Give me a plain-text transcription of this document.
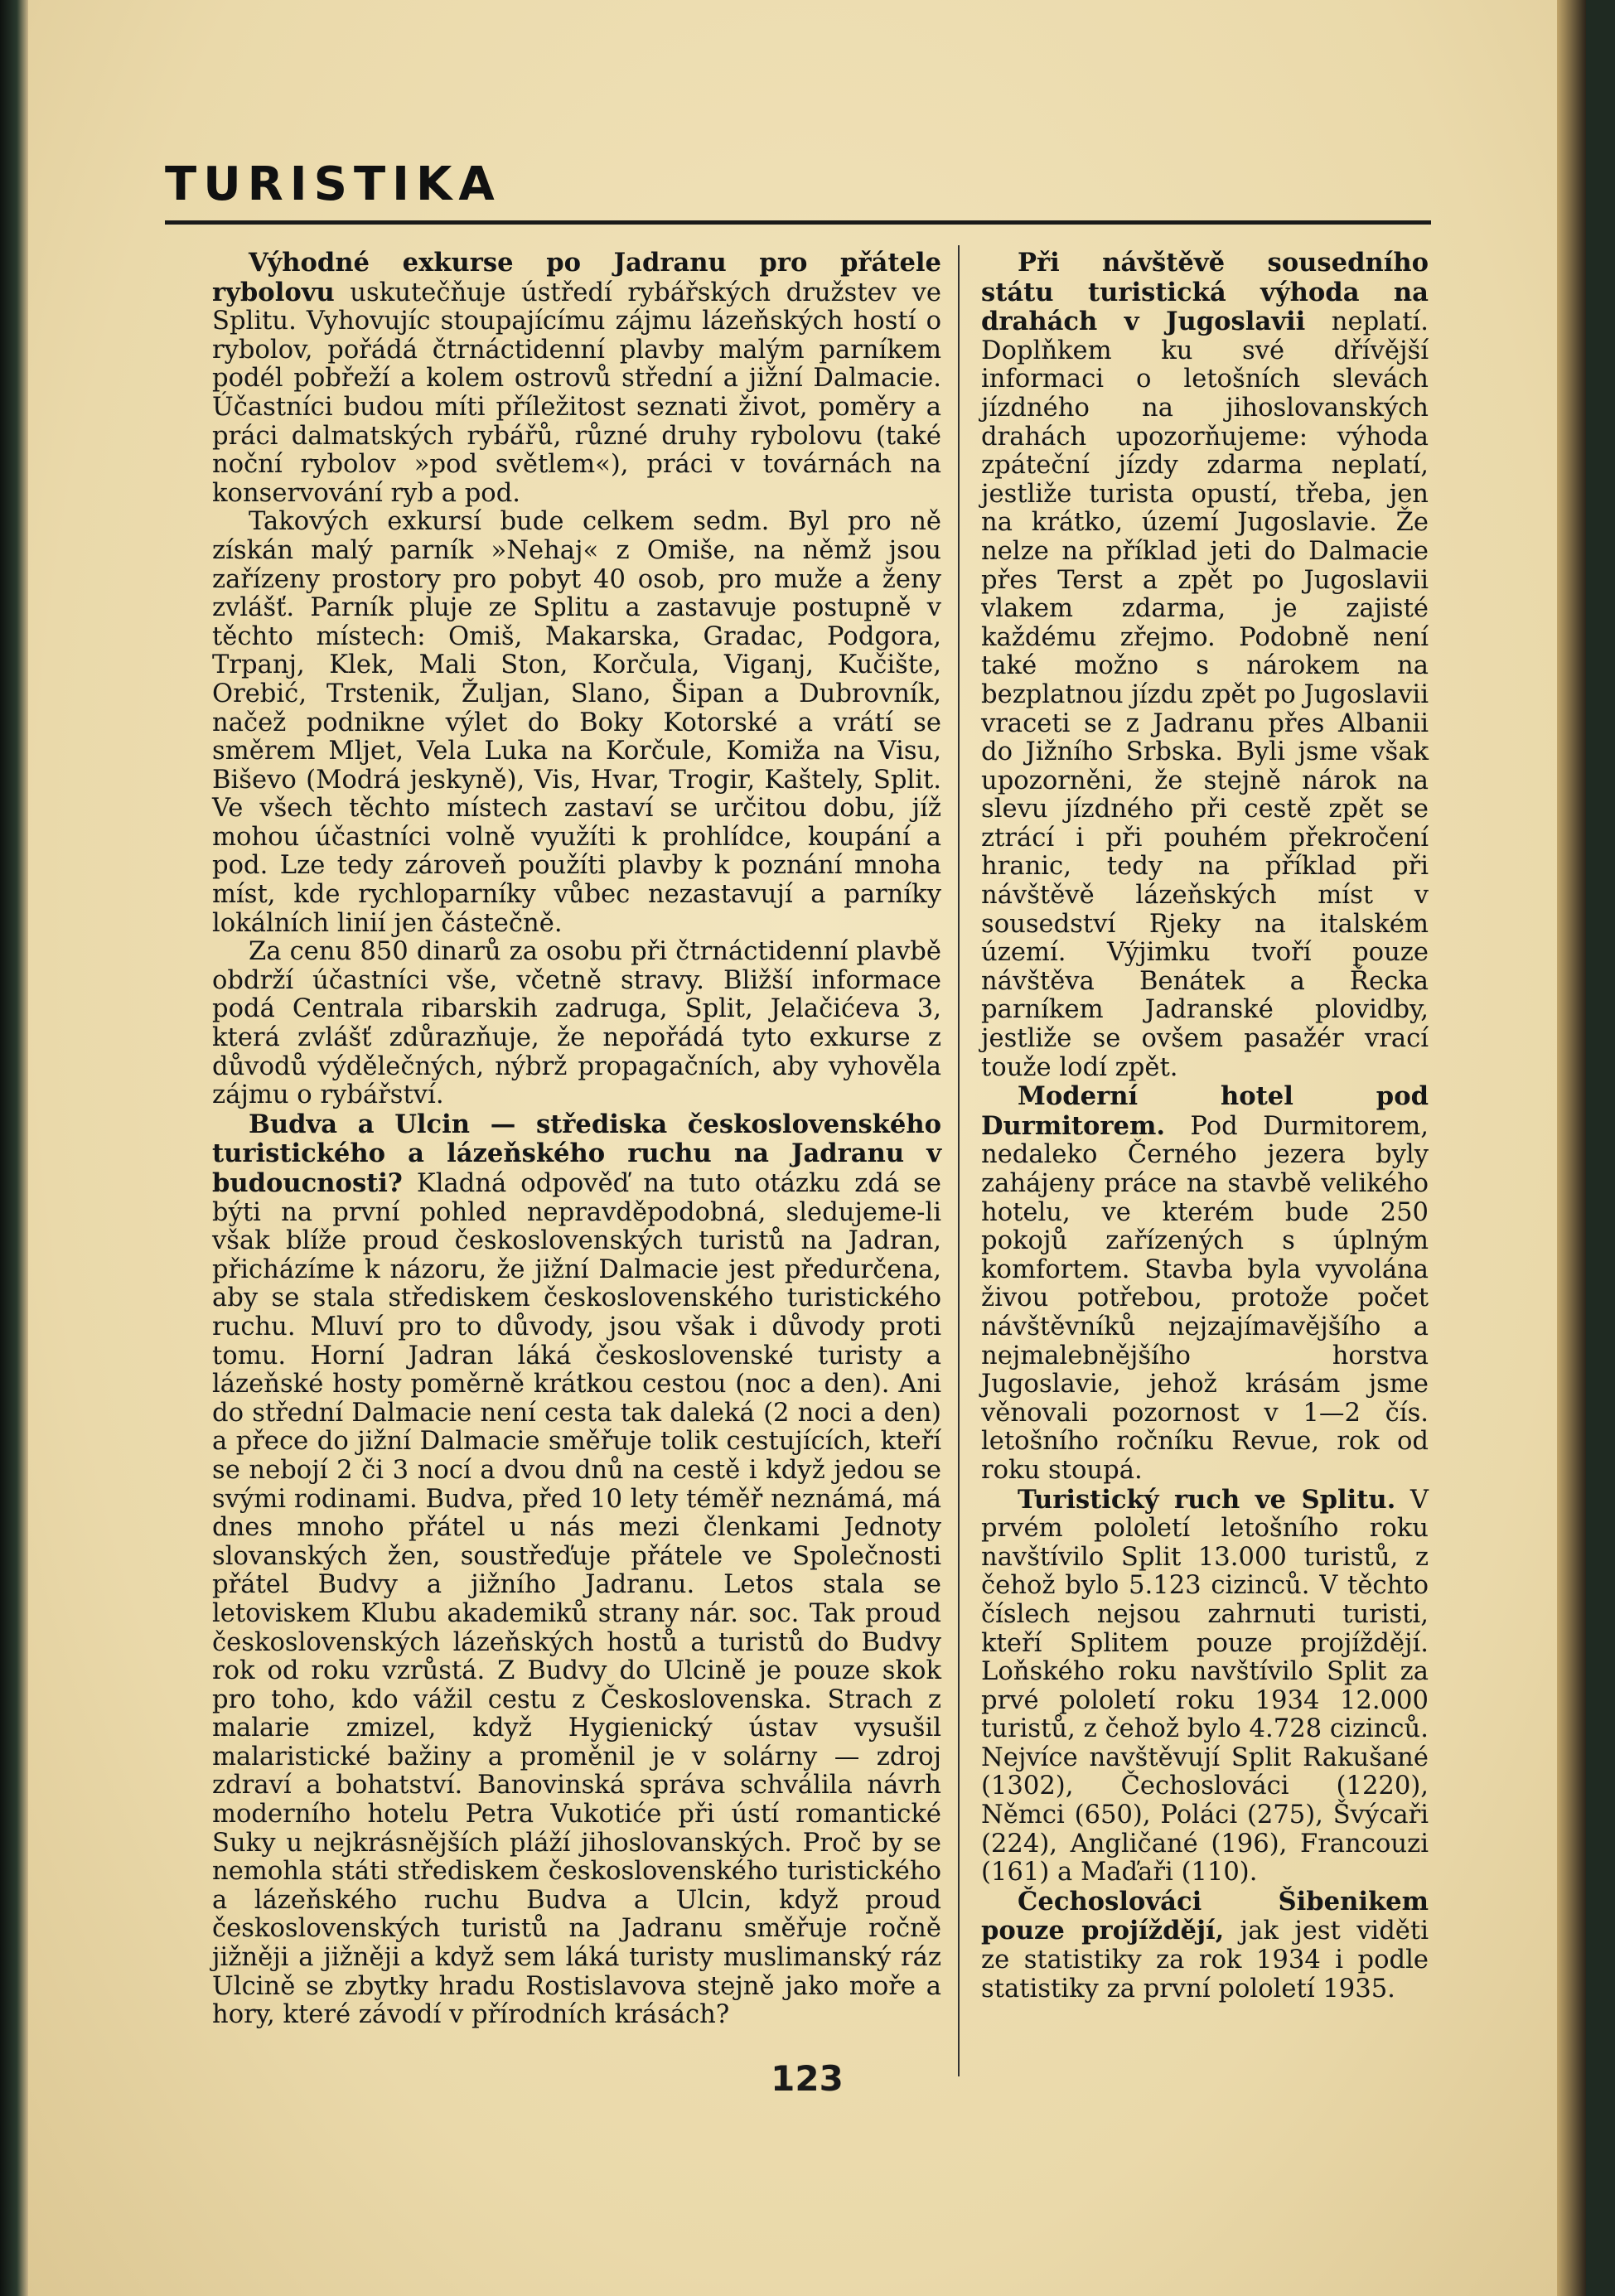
TURISTIKA

Výhodné exkurse po Jadranu pro přátele rybolovu uskutečňuje ústředí rybářských družstev ve Splitu. Vyhovujíc stoupajícímu zájmu lázeňských hostí o rybolov, pořádá čtrnáctidenní plavby malým parníkem podél pobřeží a kolem ostrovů střední a jižní Dalmacie. Účastníci budou míti příležitost seznati život, poměry a práci dalmatských rybářů, různé druhy rybolovu (také noční rybolov »pod světlem«), práci v továrnách na konservování ryb a pod.

Takových exkursí bude celkem sedm. Byl pro ně získán malý parník »Nehaj« z Omiše, na němž jsou zařízeny prostory pro pobyt 40 osob, pro muže a ženy zvlášť. Parník pluje ze Splitu a zastavuje postupně v těchto místech: Omiš, Makarska, Gradac, Podgora, Trpanj, Klek, Mali Ston, Korčula, Viganj, Kučište, Orebić, Trstenik, Žuljan, Slano, Šipan a Dubrovník, načež podnikne výlet do Boky Kotorské a vrátí se směrem Mljet, Vela Luka na Korčule, Komiža na Visu, Biševo (Modrá jeskyně), Vis, Hvar, Trogir, Kaštely, Split. Ve všech těchto místech zastaví se určitou dobu, jíž mohou účastníci volně využíti k prohlídce, koupání a pod. Lze tedy zároveň použíti plavby k poznání mnoha míst, kde rychloparníky vůbec nezastavují a parníky lokálních linií jen částečně.

Za cenu 850 dinarů za osobu při čtrnáctidenní plavbě obdrží účastníci vše, včetně stravy. Bližší informace podá Centrala ribarskih zadruga, Split, Jelačićeva 3, která zvlášť zdůrazňuje, že nepořádá tyto exkurse z důvodů výdělečných, nýbrž propagačních, aby vyhověla zájmu o rybářství.

Budva a Ulcin — střediska československého turistického a lázeňského ruchu na Jadranu v budoucnosti? Kladná odpověď na tuto otázku zdá se býti na první pohled nepravděpodobná, sledujeme-li však blíže proud československých turistů na Jadran, přicházíme k názoru, že jižní Dalmacie jest předurčena, aby se stala střediskem československého turistického ruchu. Mluví pro to důvody, jsou však i důvody proti tomu. Horní Jadran láká československé turisty a lázeňské hosty poměrně krátkou cestou (noc a den). Ani do střední Dalmacie není cesta tak daleká (2 noci a den) a přece do jižní Dalmacie směřuje tolik cestujících, kteří se nebojí 2 či 3 nocí a dvou dnů na cestě i když jedou se svými rodinami. Budva, před 10 lety téměř neznámá, má dnes mnoho přátel u nás mezi členkami Jednoty slovanských žen, soustřeďuje přátele ve Společnosti přátel Budvy a jižního Jadranu. Letos stala se letoviskem Klubu akademiků strany nár. soc. Tak proud československých lázeňských hostů a turistů do Budvy rok od roku vzrůstá. Z Budvy do Ulcině je pouze skok pro toho, kdo vážil cestu z Československa. Strach z malarie zmizel, když Hygienický ústav vysušil malaristické bažiny a proměnil je v solárny — zdroj zdraví a bohatství. Banovinská správa schválila návrh moderního hotelu Petra Vukotiće při ústí romantické Suky u nejkrásnějších pláží jihoslovanských. Proč by se nemohla státi střediskem československého turistického a lázeňského ruchu Budva a Ulcin, když proud československých turistů na Jadranu směřuje ročně jižněji a jižněji a když sem láká turisty muslimanský ráz Ulcině se zbytky hradu Rostislavova stejně jako moře a hory, které závodí v přírodních krásách?

Při návštěvě sousedního státu turistická výhoda na drahách v Jugoslavii neplatí. Doplňkem ku své dřívější informaci o letošních slevách jízdného na jihoslovanských drahách upozorňujeme: výhoda zpáteční jízdy zdarma neplatí, jestliže turista opustí, třeba, jen na krátko, území Jugoslavie. Že nelze na příklad jeti do Dalmacie přes Terst a zpět po Jugoslavii vlakem zdarma, je zajisté každému zřejmo. Podobně není také možno s nárokem na bezplatnou jízdu zpět po Jugoslavii vraceti se z Jadranu přes Albanii do Jižního Srbska. Byli jsme však upozorněni, že stejně nárok na slevu jízdného při cestě zpět se ztrácí i při pouhém překročení hranic, tedy na příklad při návštěvě lázeňských míst v sousedství Rjeky na italském území. Výjimku tvoří pouze návštěva Benátek a Řecka parníkem Jadranské plovidby, jestliže se ovšem pasažér vrací touže lodí zpět.

Moderní hotel pod Durmitorem. Pod Durmitorem, nedaleko Černého jezera byly zahájeny práce na stavbě velikého hotelu, ve kterém bude 250 pokojů zařízených s úplným komfortem. Stavba byla vyvolána živou potřebou, protože počet návštěvníků nejzajímavějšího a nejmalebnějšího horstva Jugoslavie, jehož krásám jsme věnovali pozornost v 1—2 čís. letošního ročníku Revue, rok od roku stoupá.

Turistický ruch ve Splitu. V prvém pololetí letošního roku navštívilo Split 13.000 turistů, z čehož bylo 5.123 cizinců. V těchto číslech nejsou zahrnuti turisti, kteří Splitem pouze projíždějí. Loňského roku navštívilo Split za prvé pololetí roku 1934 12.000 turistů, z čehož bylo 4.728 cizinců. Nejvíce navštěvují Split Rakušané (1302), Čechoslováci (1220), Němci (650), Poláci (275), Švýcaři (224), Angličané (196), Francouzi (161) a Maďaři (110).

Čechoslováci Šibenikem pouze projíždějí, jak jest viděti ze statistiky za rok 1934 i podle statistiky za první pololetí 1935.

123
